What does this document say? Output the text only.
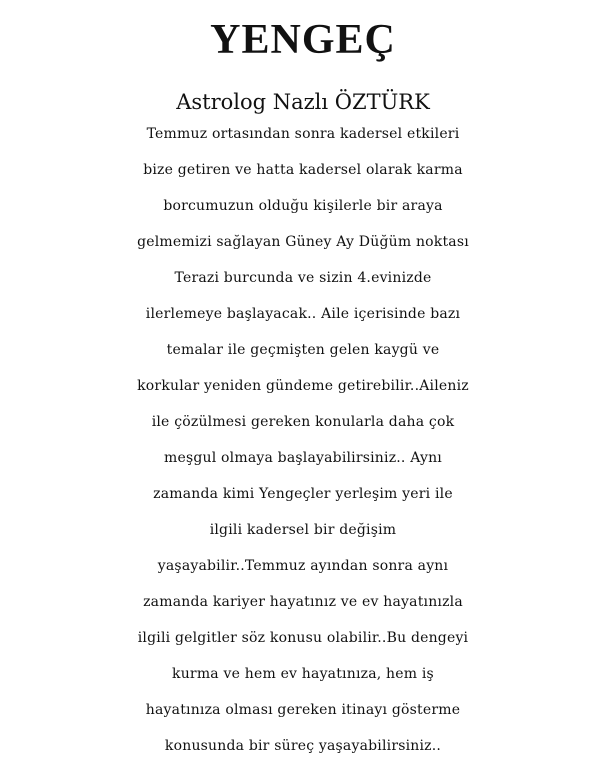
YENGEÇ
Astrolog Nazlı ÖZTÜRK
Temmuz ortasından sonra kadersel etkileri
bize getiren ve hatta kadersel olarak karma
borcumuzun olduğu kişilerle bir araya
gelmemizi sağlayan Güney Ay Düğüm noktası
Terazi burcunda ve sizin 4.evinizde
ilerlemeye başlayacak.. Aile içerisinde bazı
temalar ile geçmişten gelen kaygü ve
korkular yeniden gündeme getirebilir..Aileniz
ile çözülmesi gereken konularla daha çok
meşgul olmaya başlayabilirsiniz.. Aynı
zamanda kimi Yengeçler yerleşim yeri ile
ilgili kadersel bir değişim
yaşayabilir..Temmuz ayından sonra aynı
zamanda kariyer hayatınız ve ev hayatınızla
ilgili gelgitler söz konusu olabilir..Bu dengeyi
kurma ve hem ev hayatınıza, hem iş
hayatınıza olması gereken itinayı gösterme
konusunda bir süreç yaşayabilirsiniz..
